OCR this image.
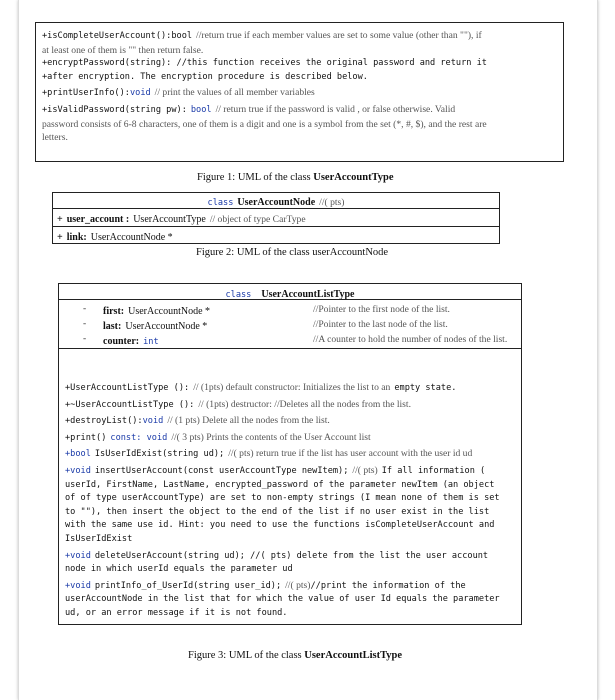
+isCompleteUserAccount():bool //return true if each member values are set to some value (other than ""), if
at least one of them is "" then return false.
+encryptPassword(string): //this function receives the original password and return it
+after encryption. The encryption procedure is described below.
+printUserInfo():void // print the values of all member variables
+isValidPassword(string pw): bool // return true if the password is valid , or false otherwise. Valid
password consists of 6-8 characters, one of them is a digit and one is a symbol from the set (*, #, $), and the rest are
letters.
Figure 1: UML of the class UserAccountType
class UserAccountNode //( pts)
+ user_account : UserAccountType // object of type CarType
+ link: UserAccountNode *
Figure 2: UML of the class userAccountNode
class UserAccountListType
- first: UserAccountNode *	//Pointer to the first node of the list.
- last: UserAccountNode *	//Pointer to the last node of the list.
- counter: int	//A counter to hold the number of nodes of the list.
+UserAccountListType (): // (1pts) default constructor: Initializes the list to an empty state.
+~UserAccountListType (): // (1pts) destructor: //Deletes all the nodes from the list.
+destroyList():void // (1 pts) Delete all the nodes from the list.
+print() const: void //( 3 pts) Prints the contents of the User Account list
+bool IsUserIdExist(string ud); //( pts) return true if the list has user account with the user id ud
+void insertUserAccount(const userAccountType newItem); //( pts) If all information (
userId, FirstName, LastName, encrypted_password of the parameter newItem (an object
of of type userAccountType) are set to non-empty strings (I mean none of them is set
to ""), then insert the object to the end of the list if no user exist in the list
with the same use id. Hint: you need to use the functions isCompleteUserAccount and
IsUserIdExist
+void deleteUserAccount(string ud); //( pts) delete from the list the user account
node in which userId equals the parameter ud
+void printInfo_of_UserId(string user_id); //( pts)//print the information of the
userAccountNode in the list that for which the value of user Id equals the parameter
ud, or an error message if it is not found.
Figure 3: UML of the class UserAccountListType
